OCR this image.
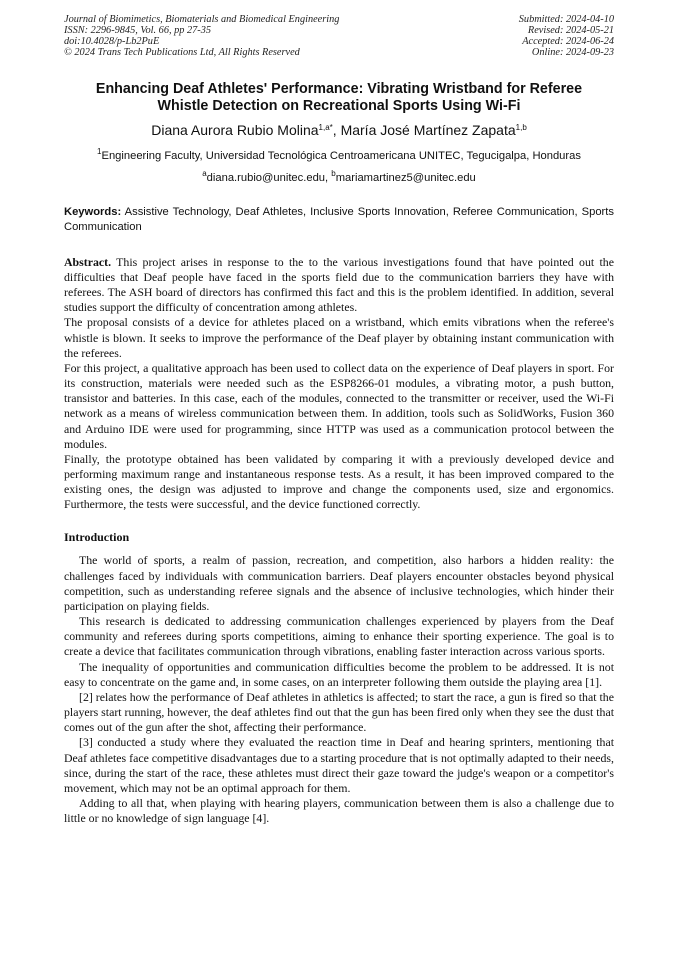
Journal of Biomimetics, Biomaterials and Biomedical Engineering
ISSN: 2296-9845, Vol. 66, pp 27-35
doi:10.4028/p-Lb2PuE
© 2024 Trans Tech Publications Ltd, All Rights Reserved
Submitted: 2024-04-10
Revised: 2024-05-21
Accepted: 2024-06-24
Online: 2024-09-23
Enhancing Deaf Athletes' Performance: Vibrating Wristband for Referee
Whistle Detection on Recreational Sports Using Wi-Fi
Diana Aurora Rubio Molina$^{1,a*}$, María José Martínez Zapata$^{1,b}$
$^1$Engineering Faculty, Universidad Tecnológica Centroamericana UNITEC, Tegucigalpa, Honduras
$^a$diana.rubio@unitec.edu, $^b$mariamartinez5@unitec.edu
Keywords: Assistive Technology, Deaf Athletes, Inclusive Sports Innovation, Referee Communication, Sports Communication

Abstract. This project arises in response to the to the various investigations found that have pointed out the difficulties that Deaf people have faced in the sports field due to the communication barriers they have with referees. The ASH board of directors has confirmed this fact and this is the problem identified. In addition, several studies support the difficulty of concentration among athletes.

The proposal consists of a device for athletes placed on a wristband, which emits vibrations when the referee's whistle is blown. It seeks to improve the performance of the Deaf player by obtaining instant communication with the referees.

For this project, a qualitative approach has been used to collect data on the experience of Deaf players in sport. For its construction, materials were needed such as the ESP8266-01 modules, a vibrating motor, a push button, transistor and batteries. In this case, each of the modules, connected to the transmitter or receiver, used the Wi-Fi network as a means of wireless communication between them. In addition, tools such as SolidWorks, Fusion 360 and Arduino IDE were used for programming, since HTTP was used as a communication protocol between the modules.

Finally, the prototype obtained has been validated by comparing it with a previously developed device and performing maximum range and instantaneous response tests. As a result, it has been improved compared to the existing ones, the design was adjusted to improve and change the components used, size and ergonomics. Furthermore, the tests were successful, and the device functioned correctly.

Introduction

The world of sports, a realm of passion, recreation, and competition, also harbors a hidden reality: the challenges faced by individuals with communication barriers. Deaf players encounter obstacles beyond physical competition, such as understanding referee signals and the absence of inclusive technologies, which hinder their participation on playing fields.

This research is dedicated to addressing communication challenges experienced by players from the Deaf community and referees during sports competitions, aiming to enhance their sporting experience. The goal is to create a device that facilitates communication through vibrations, enabling faster interaction across various sports.

The inequality of opportunities and communication difficulties become the problem to be addressed. It is not easy to concentrate on the game and, in some cases, on an interpreter following them outside the playing area [1].

[2] relates how the performance of Deaf athletes in athletics is affected; to start the race, a gun is fired so that the players start running, however, the deaf athletes find out that the gun has been fired only when they see the dust that comes out of the gun after the shot, affecting their performance.

[3] conducted a study where they evaluated the reaction time in Deaf and hearing sprinters, mentioning that Deaf athletes face competitive disadvantages due to a starting procedure that is not optimally adapted to their needs, since, during the start of the race, these athletes must direct their gaze toward the judge's weapon or a competitor's movement, which may not be an optimal approach for them.

Adding to all that, when playing with hearing players, communication between them is also a challenge due to little or no knowledge of sign language [4].
